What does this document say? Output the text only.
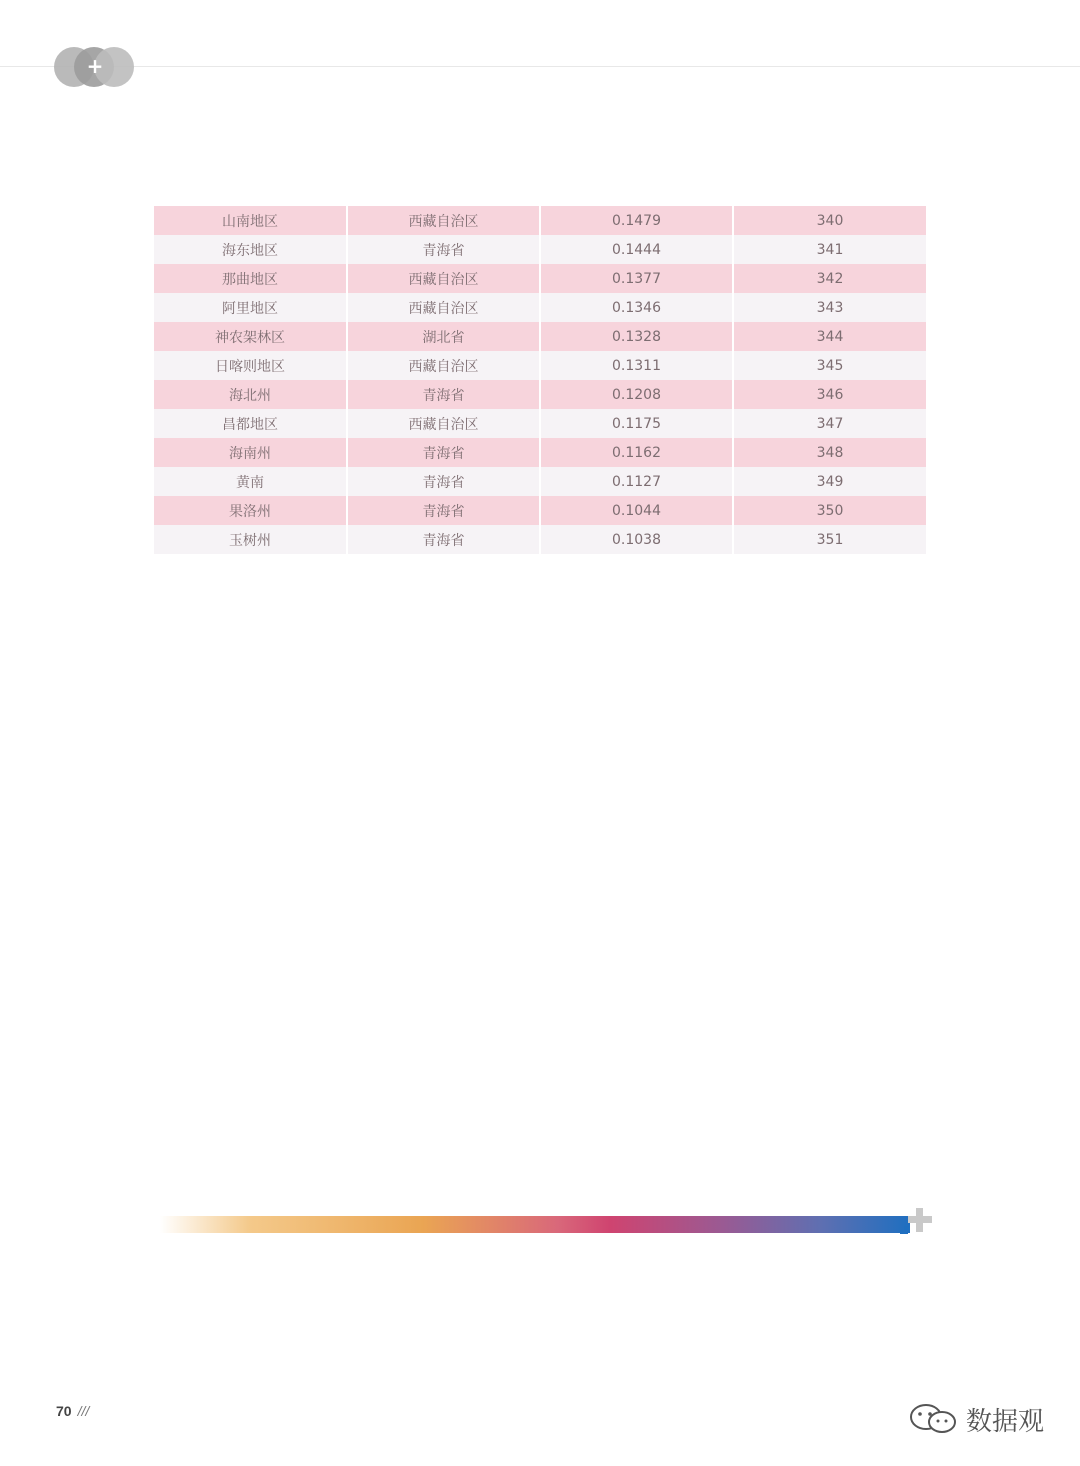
+
山南地区	西藏自治区	0.1479	340
海东地区	青海省	0.1444	341
那曲地区	西藏自治区	0.1377	342
阿里地区	西藏自治区	0.1346	343
神农架林区	湖北省	0.1328	344
日喀则地区	西藏自治区	0.1311	345
海北州	青海省	0.1208	346
昌都地区	西藏自治区	0.1175	347
海南州	青海省	0.1162	348
黄南	青海省	0.1127	349
果洛州	青海省	0.1044	350
玉树州	青海省	0.1038	351
70 ///	数据观
